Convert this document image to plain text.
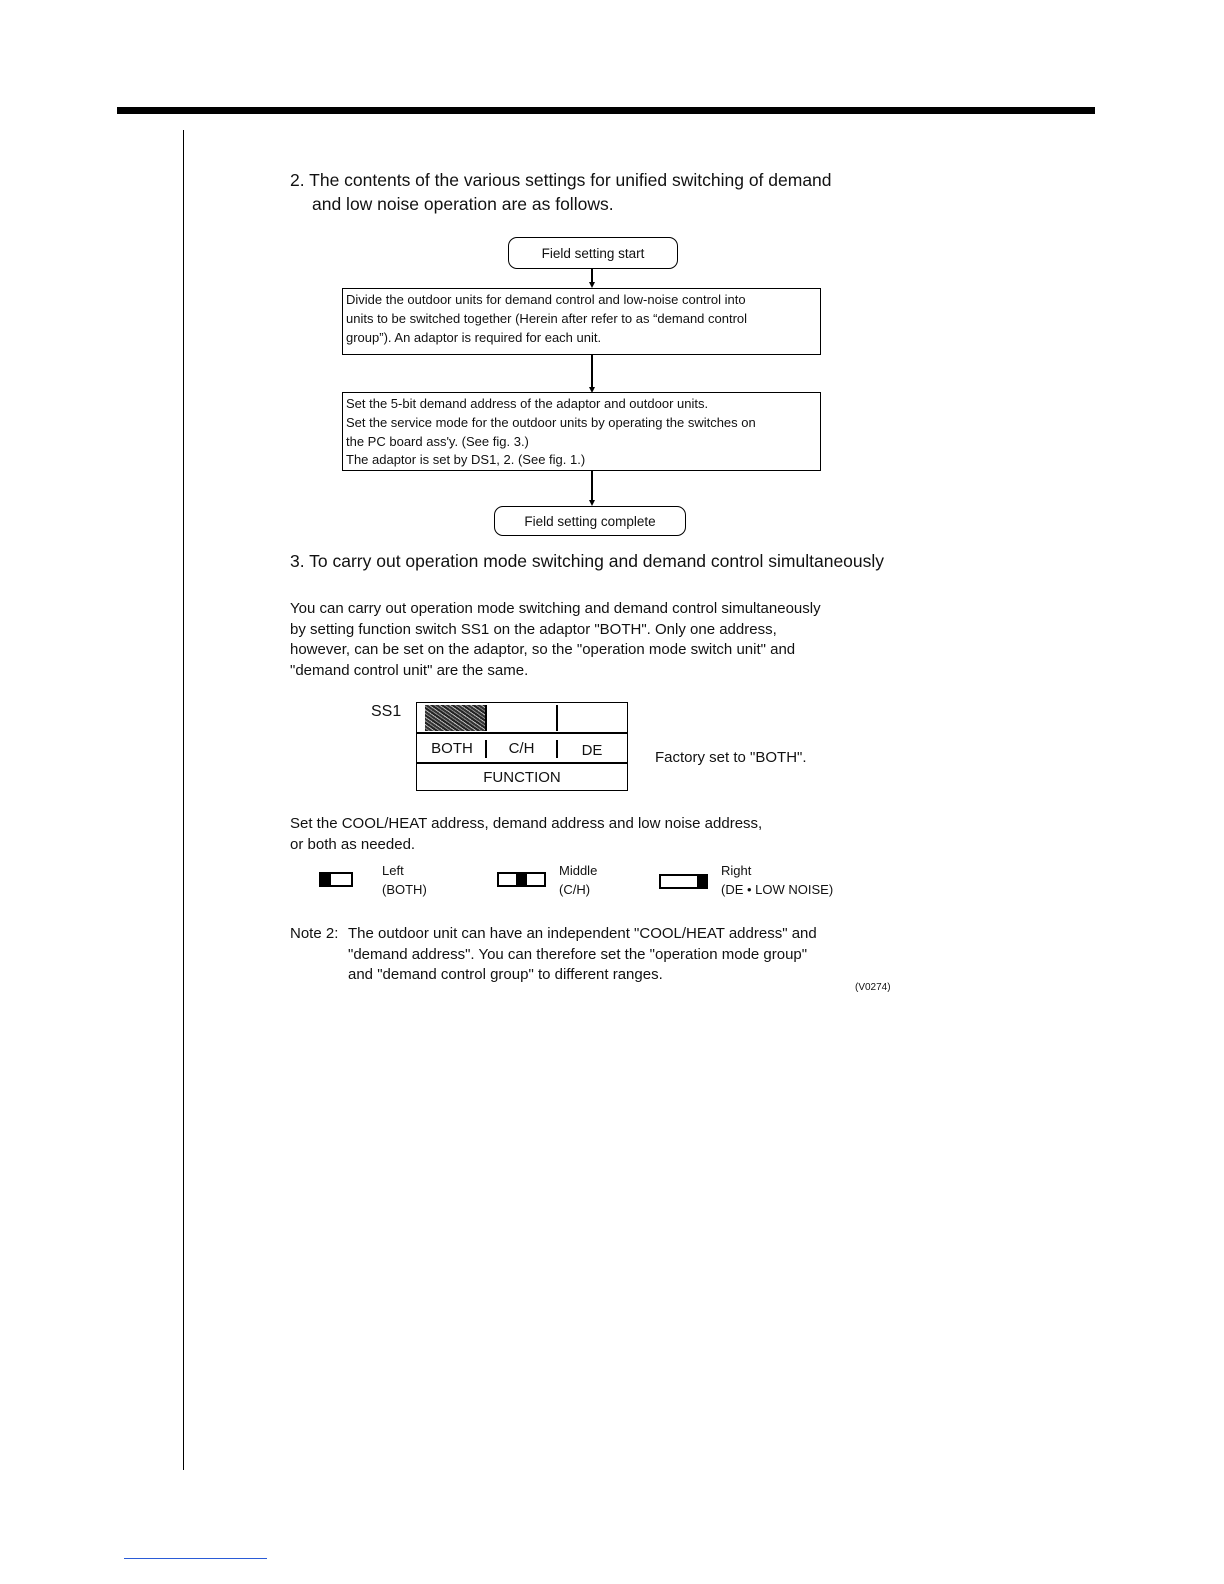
2. The contents of the various settings for unified switching of demand
and low noise operation are as follows.
Field setting start
Divide the outdoor units for demand control and low-noise control into
units to be switched together (Herein after refer to as “demand control
group”). An adaptor is required for each unit.
Set the 5-bit demand address of the adaptor and outdoor units.
Set the service mode for the outdoor units by operating the switches on
the PC board ass'y. (See fig. 3.)
The adaptor is set by DS1, 2. (See fig. 1.)
Field setting complete
3. To carry out operation mode switching and demand control simultaneously
You can carry out operation mode switching and demand control simultaneously
by setting function switch SS1 on the adaptor "BOTH". Only one address,
however, can be set on the adaptor, so the "operation mode switch unit" and
"demand control unit" are the same.
SS1
BOTH	C/H	DE
FUNCTION
Factory set to "BOTH".
Set the COOL/HEAT address, demand address and low noise address,
or both as needed.
Left
(BOTH)
Middle
(C/H)
Right
(DE • LOW NOISE)
Note 2: The outdoor unit can have an independent "COOL/HEAT address" and
"demand address". You can therefore set the "operation mode group"
and "demand control group" to different ranges.
(V0274)
